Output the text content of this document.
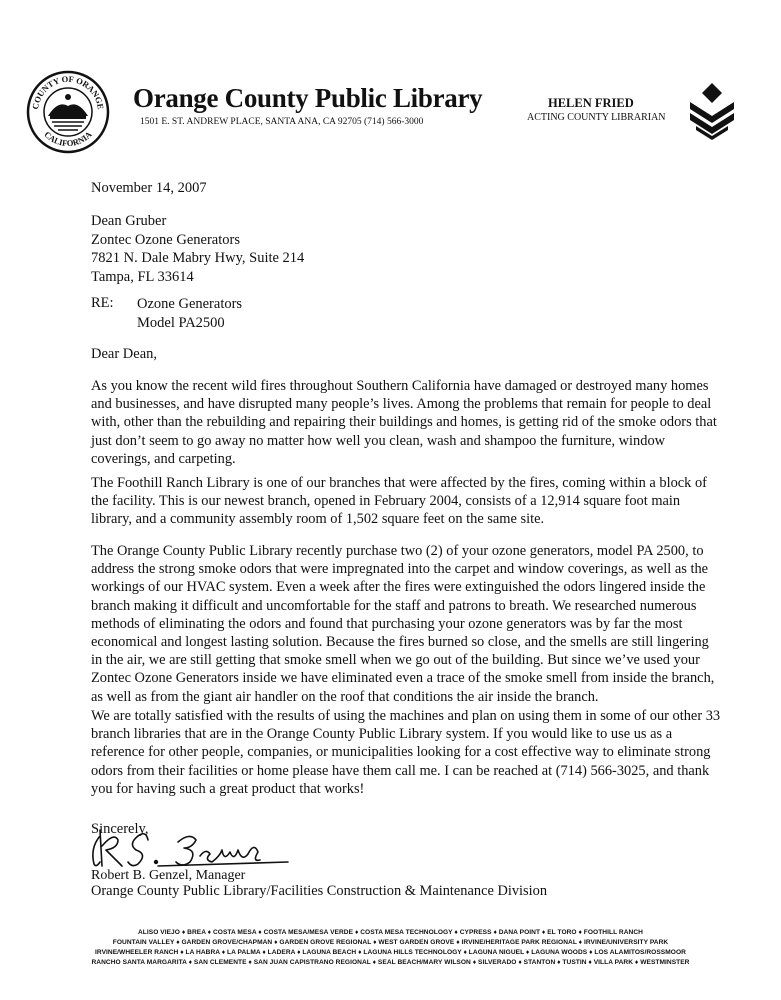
COUNTY OF ORANGE
CALIFORNIA
Orange County Public Library
1501 E. ST. ANDREW PLACE, SANTA ANA, CA 92705 (714) 566-3000
HELEN FRIED
ACTING COUNTY LIBRARIAN
November 14, 2007
Dean Gruber
Zontec Ozone Generators
7821 N. Dale Mabry Hwy, Suite 214
Tampa, FL 33614
RE: Ozone Generators
Model PA2500
Dear Dean,

As you know the recent wild fires throughout Southern California have damaged or destroyed many homes and businesses, and have disrupted many people’s lives. Among the problems that remain for people to deal with, other than the rebuilding and repairing their buildings and homes, is getting rid of the smoke odors that just don’t seem to go away no matter how well you clean, wash and shampoo the furniture, window coverings, and carpeting.

The Foothill Ranch Library is one of our branches that were affected by the fires, coming within a block of the facility. This is our newest branch, opened in February 2004, consists of a 12,914 square foot main library, and a community assembly room of 1,502 square feet on the same site.

The Orange County Public Library recently purchase two (2) of your ozone generators, model PA 2500, to address the strong smoke odors that were impregnated into the carpet and window coverings, as well as the workings of our HVAC system. Even a week after the fires were extinguished the odors lingered inside the branch making it difficult and uncomfortable for the staff and patrons to breath. We researched numerous methods of eliminating the odors and found that purchasing your ozone generators was by far the most economical and longest lasting solution. Because the fires burned so close, and the smells are still lingering in the air, we are still getting that smoke smell when we go out of the building. But since we’ve used your Zontec Ozone Generators inside we have eliminated even a trace of the smoke smell from inside the branch, as well as from the giant air handler on the roof that conditions the air inside the branch.

We are totally satisfied with the results of using the machines and plan on using them in some of our other 33 branch libraries that are in the Orange County Public Library system. If you would like to use us as a reference for other people, companies, or municipalities looking for a cost effective way to eliminate strong odors from their facilities or home please have them call me. I can be reached at (714) 566-3025, and thank you for having such a great product that works!

Sincerely,
Robert B. Genzel, Manager
Orange County Public Library/Facilities Construction & Maintenance Division
ALISO VIEJO ♦ BREA ♦ COSTA MESA ♦ COSTA MESA/MESA VERDE ♦ COSTA MESA TECHNOLOGY ♦ CYPRESS ♦ DANA POINT ♦ EL TORO ♦ FOOTHILL RANCH
FOUNTAIN VALLEY ♦ GARDEN GROVE/CHAPMAN ♦ GARDEN GROVE REGIONAL ♦ WEST GARDEN GROVE ♦ IRVINE/HERITAGE PARK REGIONAL ♦ IRVINE/UNIVERSITY PARK
IRVINE/WHEELER RANCH ♦ LA HABRA ♦ LA PALMA ♦ LADERA ♦ LAGUNA BEACH ♦ LAGUNA HILLS TECHNOLOGY ♦ LAGUNA NIGUEL ♦ LAGUNA WOODS ♦ LOS ALAMITOS/ROSSMOOR
RANCHO SANTA MARGARITA ♦ SAN CLEMENTE ♦ SAN JUAN CAPISTRANO REGIONAL ♦ SEAL BEACH/MARY WILSON ♦ SILVERADO ♦ STANTON ♦ TUSTIN ♦ VILLA PARK ♦ WESTMINSTER
